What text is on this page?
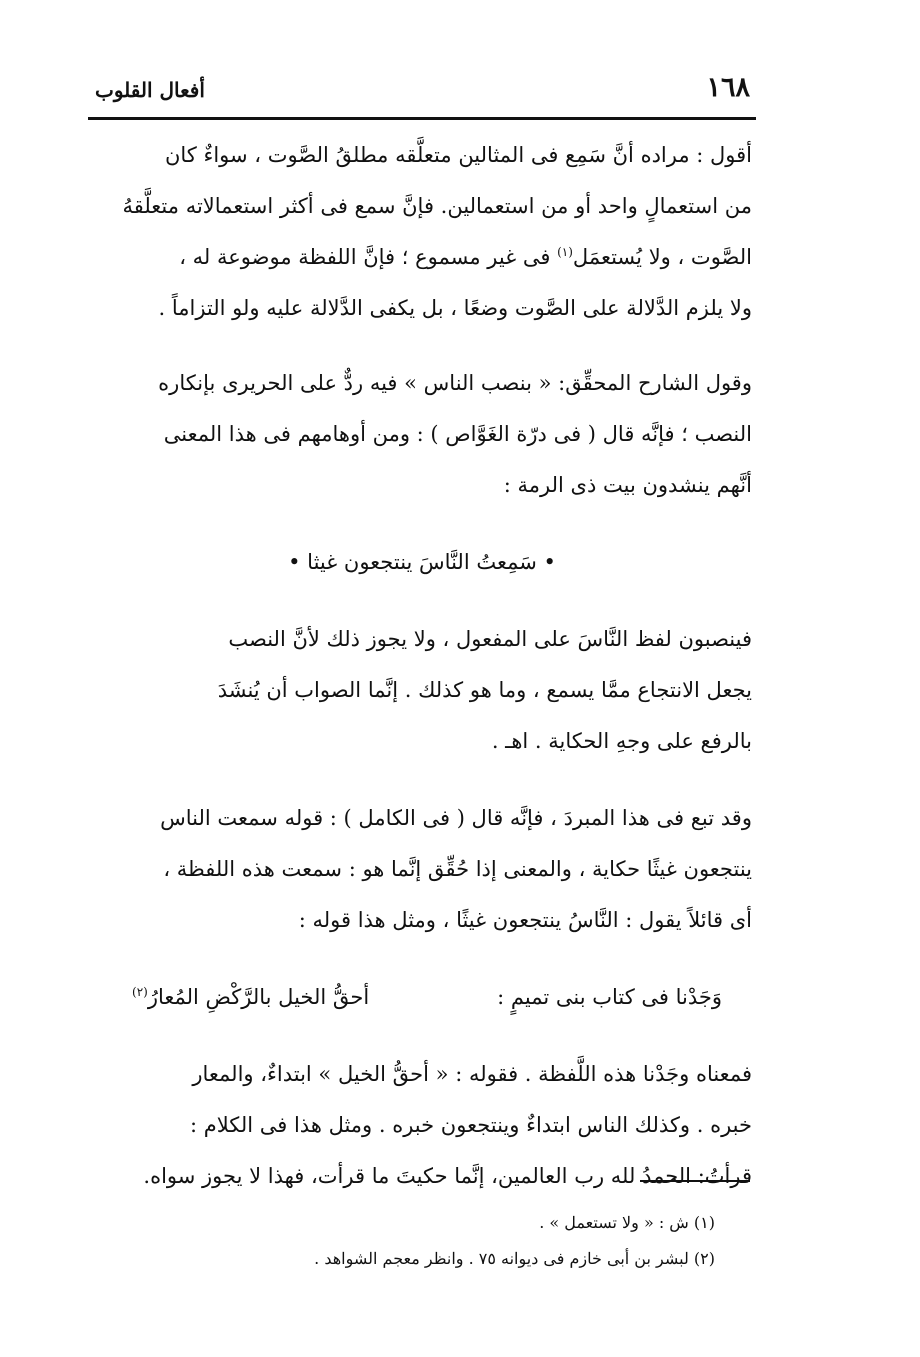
١٦٨
أفعال القلوب
أقول : مراده أنَّ سَمِع فى المثالين متعلَّقه مطلقُ الصَّوت ، سواءٌ كان
من استعمالٍ واحد أو من استعمالين. فإنَّ سمع فى أكثر استعمالاته متعلَّقهُ
الصَّوت ، ولا يُستعمَل$^{(١)}$ فى غير مسموع ؛ فإنَّ اللفظة موضوعة له ،
ولا يلزم الدَّلالة على الصَّوت وضعًا ، بل يكفى الدَّلالة عليه ولو التزاماً .
وقول الشارح المحقِّق: « بنصب الناس » فيه ردٌّ على الحريرى بإنكاره
النصب ؛ فإنَّه قال ( فى درّة الغَوَّاص ) : ومن أوهامهم فى هذا المعنى
أنَّهم ينشدون بيت ذى الرمة :
• سَمِعتُ النَّاسَ ينتجعون غيثا •
فينصبون لفظ النَّاسَ على المفعول ، ولا يجوز ذلك لأنَّ النصب
يجعل الانتجاع ممَّا يسمع ، وما هو كذلك . إنَّما الصواب أن يُنشَدَ
بالرفع على وجهِ الحكاية . اهـ .
وقد تبع فى هذا المبردَ ، فإنَّه قال ( فى الكامل ) : قوله سمعت الناس
ينتجعون غيثًا حكاية ، والمعنى إذا حُقِّق إنَّما هو : سمعت هذه اللفظة ،
أى قائلاً يقول : النَّاسُ ينتجعون غيثًا ، ومثل هذا قوله :
وَجَدْنا فى كتاب بنى تميمٍ :
أحقُّ الخيل بالرَّكْضِ المُعارُ$^{(٢)}$
فمعناه وجَدْنا هذه اللَّفظة . فقوله : « أحقُّ الخيل » ابتداءٌ، والمعار
خبره . وكذلك الناس ابتداءٌ وينتجعون خبره . ومثل هذا فى الكلام :
قرأتُ: الحمدُ لله رب العالمين، إنَّما حكيتَ ما قرأت، فهذا لا يجوز سواه.

(١) ش : « ولا تستعمل » .

(٢) لبشر بن أبى خازم فى ديوانه ٧٥ . وانظر معجم الشواهد .
